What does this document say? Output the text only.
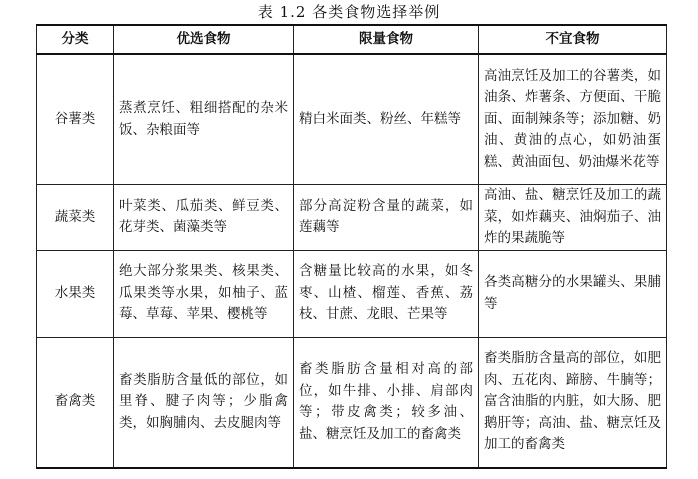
表 1.2 各类食物选择举例
分类	优选食物	限量食物	不宜食物
谷薯类	蒸煮烹饪、粗细搭配的杂米饭、杂粮面等	精白米面类、粉丝、年糕等	高油烹饪及加工的谷薯类，如油条、炸薯条、方便面、干脆面、面制辣条等；添加糖、奶油、黄油的点心，如奶油蛋糕、黄油面包、奶油爆米花等
蔬菜类	叶菜类、瓜茄类、鲜豆类、花芽类、菌藻类等	部分高淀粉含量的蔬菜，如莲藕等	高油、盐、糖烹饪及加工的蔬菜，如炸藕夹、油焖茄子、油炸的果蔬脆等
水果类	绝大部分浆果类、核果类、瓜果类等水果，如柚子、蓝莓、草莓、苹果、樱桃等	含糖量比较高的水果，如冬枣、山楂、榴莲、香蕉、荔枝、甘蔗、龙眼、芒果等	各类高糖分的水果罐头、果脯等
畜禽类	畜类脂肪含量低的部位，如里脊、腱子肉等；少脂禽类，如胸脯肉、去皮腿肉等	畜类脂肪含量相对高的部位，如牛排、小排、肩部肉等；带皮禽类；较多油、盐、糖烹饪及加工的畜禽类	畜类脂肪含量高的部位，如肥肉、五花肉、蹄膀、牛腩等；富含油脂的内脏，如大肠、肥鹅肝等；高油、盐、糖烹饪及加工的畜禽类
